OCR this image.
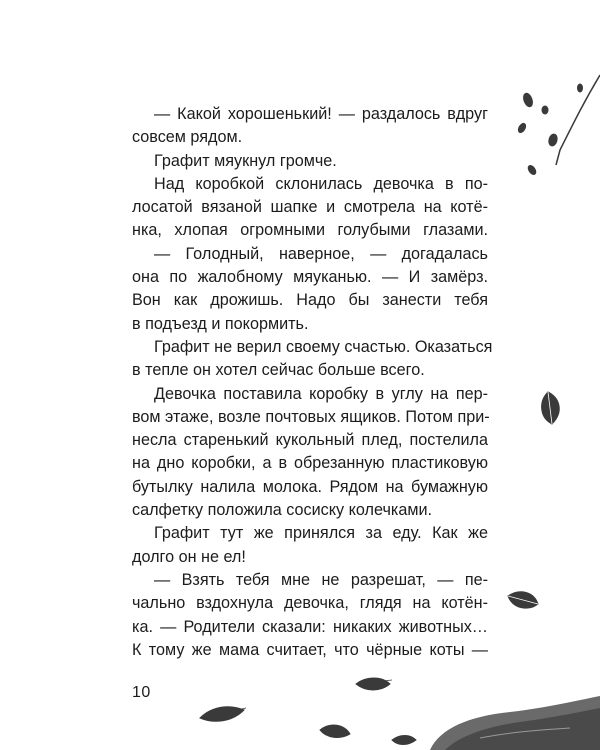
— Какой хорошенький! — раздалось вдруг
совсем рядом.
Графит мяукнул громче.
Над коробкой склонилась девочка в по-
лосатой вязаной шапке и смотрела на котё-
нка, хлопая огромными голубыми глазами.
— Голодный, наверное, — догадалась
она по жалобному мяуканью. — И замёрз.
Вон как дрожишь. Надо бы занести тебя
в подъезд и покормить.
Графит не верил своему счастью. Оказаться
в тепле он хотел сейчас больше всего.
Девочка поставила коробку в углу на пер-
вом этаже, возле почтовых ящиков. Потом при-
несла старенький кукольный плед, постелила
на дно коробки, а в обрезанную пластиковую
бутылку налила молока. Рядом на бумажную
салфетку положила сосиску колечками.
Графит тут же принялся за еду. Как же
долго он не ел!
— Взять тебя мне не разрешат, — пе-
чально вздохнула девочка, глядя на котён-
ка. — Родители сказали: никаких животных…
К тому же мама считает, что чёрные коты —
10
